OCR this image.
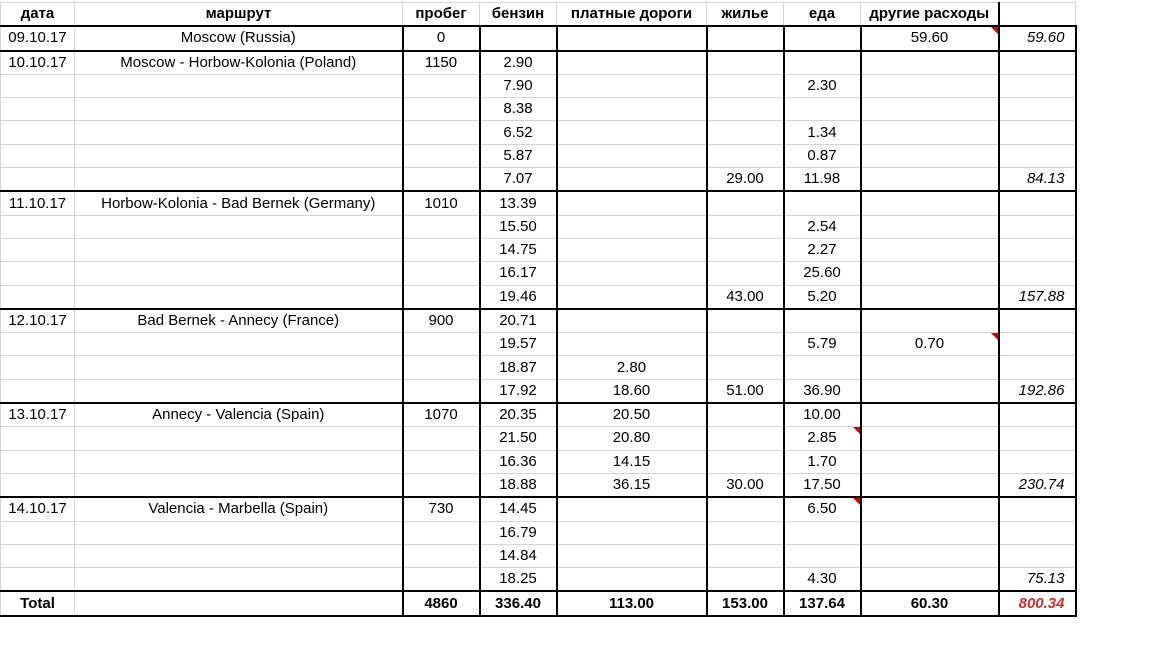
дата	маршрут	пробег	бензин	платные дороги	жилье	еда	другие расходы	
09.10.17	Moscow (Russia)	0					59.60	59.60
10.10.17	Moscow - Horbow-Kolonia (Poland)	1150	2.90					
			7.90			2.30		
			8.38					
			6.52			1.34		
			5.87			0.87		
			7.07		29.00	11.98		84.13
11.10.17	Horbow-Kolonia - Bad Bernek (Germany)	1010	13.39					
			15.50			2.54		
			14.75			2.27		
			16.17			25.60		
			19.46		43.00	5.20		157.88
12.10.17	Bad Bernek - Annecy (France)	900	20.71					
			19.57			5.79	0.70

			18.87	2.80				
			17.92	18.60	51.00	36.90		192.86
13.10.17	Annecy - Valencia (Spain)	1070	20.35	20.50		10.00		
			21.50	20.80		2.85

			16.36	14.15		1.70		
			18.88	36.15	30.00	17.50		230.74
14.10.17	Valencia - Marbella (Spain)	730	14.45			6.50

			16.79					
			14.84					
			18.25			4.30		75.13
Total		4860	336.40	113.00	153.00	137.64	60.30	800.34
